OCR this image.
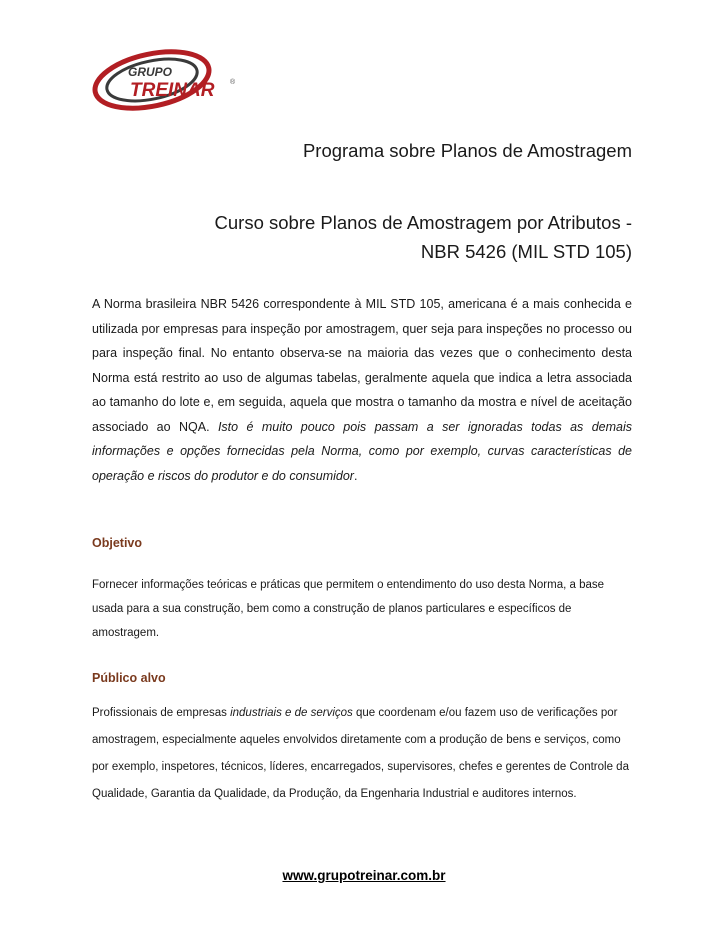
GRUPO
TREINAR ®
Programa sobre Planos de Amostragem
Curso sobre Planos de Amostragem por Atributos -
NBR 5426 (MIL STD 105)

A Norma brasileira NBR 5426 correspondente à MIL STD 105, americana é a mais conhecida e utilizada por empresas para inspeção por amostragem, quer seja para inspeções no processo ou para inspeção final. No entanto observa-se na maioria das vezes que o conhecimento desta Norma está restrito ao uso de algumas tabelas, geralmente aquela que indica a letra associada ao tamanho do lote e, em seguida, aquela que mostra o tamanho da mostra e nível de aceitação associado ao NQA. Isto é muito pouco pois passam a ser ignoradas todas as demais informações e opções fornecidas pela Norma, como por exemplo, curvas características de operação e riscos do produtor e do consumidor.

Objetivo

Fornecer informações teóricas e práticas que permitem o entendimento do uso desta Norma, a base usada para a sua construção, bem como a construção de planos particulares e específicos de amostragem.

Público alvo

Profissionais de empresas industriais e de serviços que coordenam e/ou fazem uso de verificações por amostragem, especialmente aqueles envolvidos diretamente com a produção de bens e serviços, como por exemplo, inspetores, técnicos, líderes, encarregados, supervisores, chefes e gerentes de Controle da Qualidade, Garantia da Qualidade, da Produção, da Engenharia Industrial e auditores internos.

www.grupotreinar.com.br
